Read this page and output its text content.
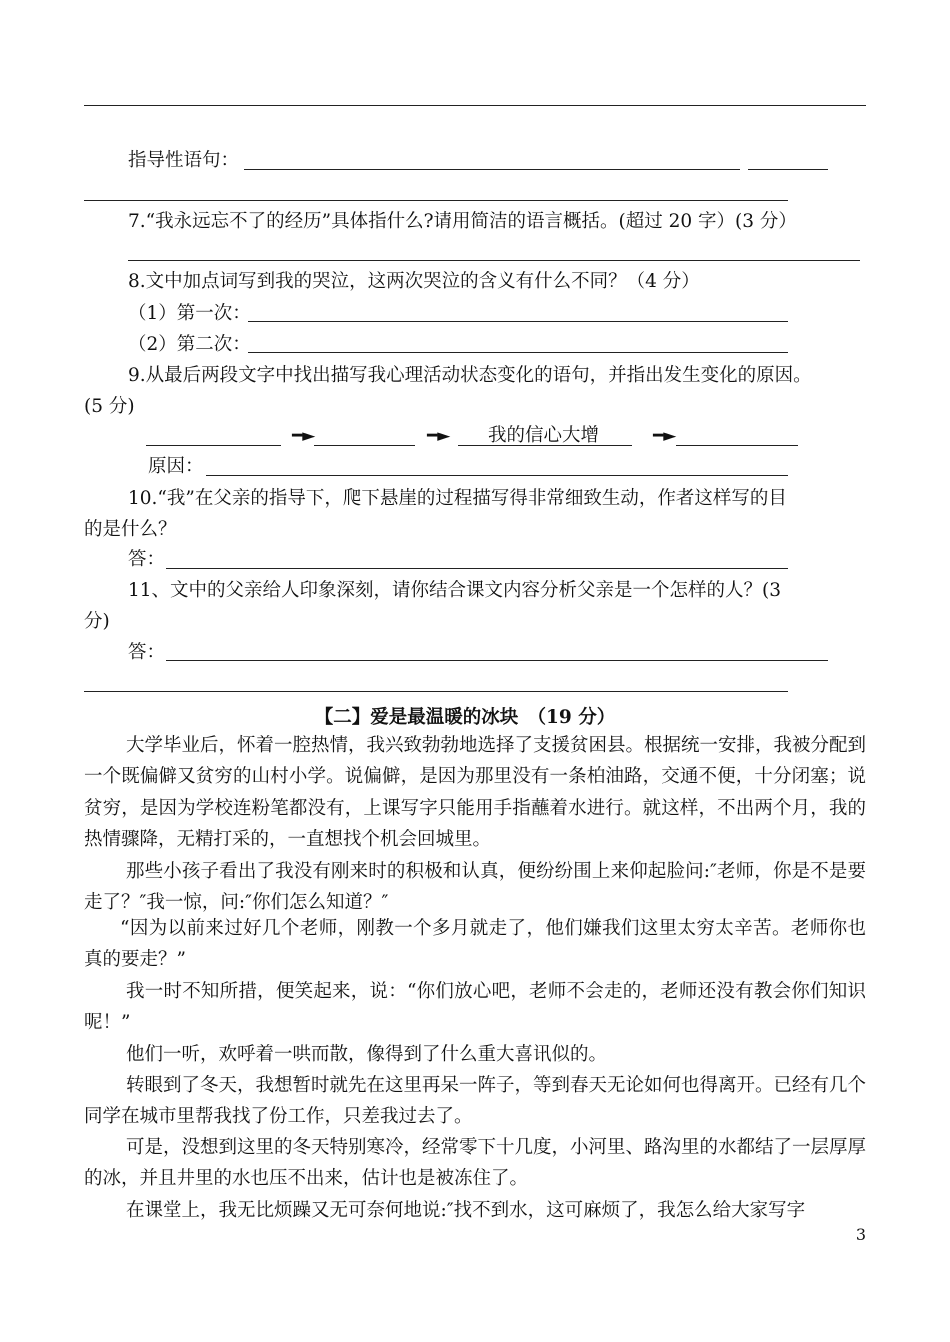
指导性语句：
7.“我永远忘不了的经历”具体指什么?请用简洁的语言概括。(超过 20 字）(3 分）
8.文中加点词写到我的哭泣，这两次哭泣的含义有什么不同？（4 分）
（1）第一次：
（2）第二次：
9.从最后两段文字中找出描写我心理活动状态变化的语句，并指出发生变化的原因。
(5 分)
━►	━► 我的信心大增	━►
原因：
10.“我”在父亲的指导下，爬下悬崖的过程描写得非常细致生动，作者这样写的目
的是什么？
答：
11、文中的父亲给人印象深刻，请你结合课文内容分析父亲是一个怎样的人？(3
分)
答：
【二】爱是最温暖的冰块　（19 分）
大学毕业后，怀着一腔热情，我兴致勃勃地选择了支援贫困县。根据统一安排，我被分配到一个既偏僻又贫穷的山村小学。说偏僻，是因为那里没有一条柏油路，交通不便，十分闭塞；说贫穷，是因为学校连粉笔都没有，上课写字只能用手指蘸着水进行。就这样，不出两个月，我的热情骤降，无精打采的，一直想找个机会回城里。
那些小孩子看出了我没有刚来时的积极和认真，便纷纷围上来仰起脸问:″老师，你是不是要走了？″我一惊，问:″你们怎么知道？″
“因为以前来过好几个老师，刚教一个多月就走了，他们嫌我们这里太穷太辛苦。老师你也真的要走？”
我一时不知所措，便笑起来，说：“你们放心吧，老师不会走的，老师还没有教会你们知识呢！”
他们一听，欢呼着一哄而散，像得到了什么重大喜讯似的。
转眼到了冬天，我想暂时就先在这里再呆一阵子，等到春天无论如何也得离开。已经有几个同学在城市里帮我找了份工作，只差我过去了。
可是，没想到这里的冬天特别寒冷，经常零下十几度，小河里、路沟里的水都结了一层厚厚的冰，并且井里的水也压不出来，估计也是被冻住了。
在课堂上，我无比烦躁又无可奈何地说:″找不到水，这可麻烦了，我怎么给大家写字
3
